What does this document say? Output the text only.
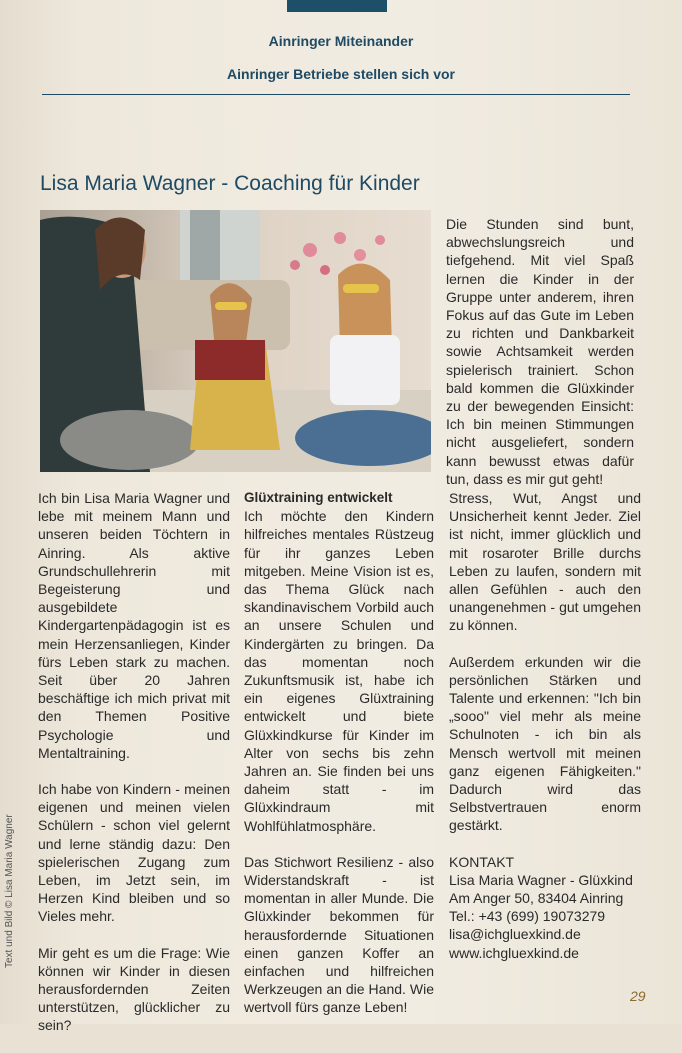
Ainringer Miteinander
Ainringer Betriebe stellen sich vor
Lisa Maria Wagner - Coaching für Kinder

Die Stunden sind bunt, abwechslungsreich und tiefgehend. Mit viel Spaß lernen die Kinder in der Gruppe unter anderem, ihren Fokus auf das Gute im Leben zu richten und Dankbarkeit sowie Achtsamkeit werden spielerisch trainiert. Schon bald kommen die Glüxkinder zu der bewegenden Einsicht: Ich bin meinen Stimmungen nicht ausgeliefert, sondern kann bewusst etwas dafür tun, dass es mir gut geht!

Ich bin Lisa Maria Wagner und lebe mit meinem Mann und unseren beiden Töchtern in Ainring. Als aktive Grundschullehrerin mit Begeisterung und ausgebildete Kindergartenpädagogin ist es mein Herzensanliegen, Kinder fürs Leben stark zu machen. Seit über 20 Jahren beschäftige ich mich privat mit den Themen Positive Psychologie und Mentaltraining.

Ich habe von Kindern - meinen eigenen und meinen vielen Schülern - schon viel gelernt und lerne ständig dazu: Den spielerischen Zugang zum Leben, im Jetzt sein, im Herzen Kind bleiben und so Vieles mehr.

Mir geht es um die Frage: Wie können wir Kinder in diesen herausfordernden Zeiten unterstützen, glücklicher zu sein?

Glüxtraining entwickelt

Ich möchte den Kindern hilfreiches mentales Rüstzeug für ihr ganzes Leben mitgeben. Meine Vision ist es, das Thema Glück nach skandinavischem Vorbild auch an unsere Schulen und Kindergärten zu bringen. Da das momentan noch Zukunftsmusik ist, habe ich ein eigenes Glüxtraining entwickelt und biete Glüxkindkurse für Kinder im Alter von sechs bis zehn Jahren an. Sie finden bei uns daheim statt - im Glüxkindraum mit Wohlfühlatmosphäre.

Das Stichwort Resilienz - also Widerstandskraft - ist momentan in aller Munde. Die Glüxkinder bekommen für herausfordernde Situationen einen ganzen Koffer an einfachen und hilfreichen Werkzeugen an die Hand. Wie wertvoll fürs ganze Leben!

Stress, Wut, Angst und Unsicherheit kennt Jeder. Ziel ist nicht, immer glücklich und mit rosaroter Brille durchs Leben zu laufen, sondern mit allen Gefühlen - auch den unangenehmen - gut umgehen zu können.

Außerdem erkunden wir die persönlichen Stärken und Talente und erkennen: "Ich bin „sooo" viel mehr als meine Schulnoten - ich bin als Mensch wertvoll mit meinen ganz eigenen Fähigkeiten." Dadurch wird das Selbstvertrauen enorm gestärkt.

KONTAKT
Lisa Maria Wagner - Glüxkind
Am Anger 50, 83404 Ainring
Tel.: +43 (699) 19073279
lisa@ichgluexkind.de
www.ichgluexkind.de
Text und Bild © Lisa Maria Wagner
29
